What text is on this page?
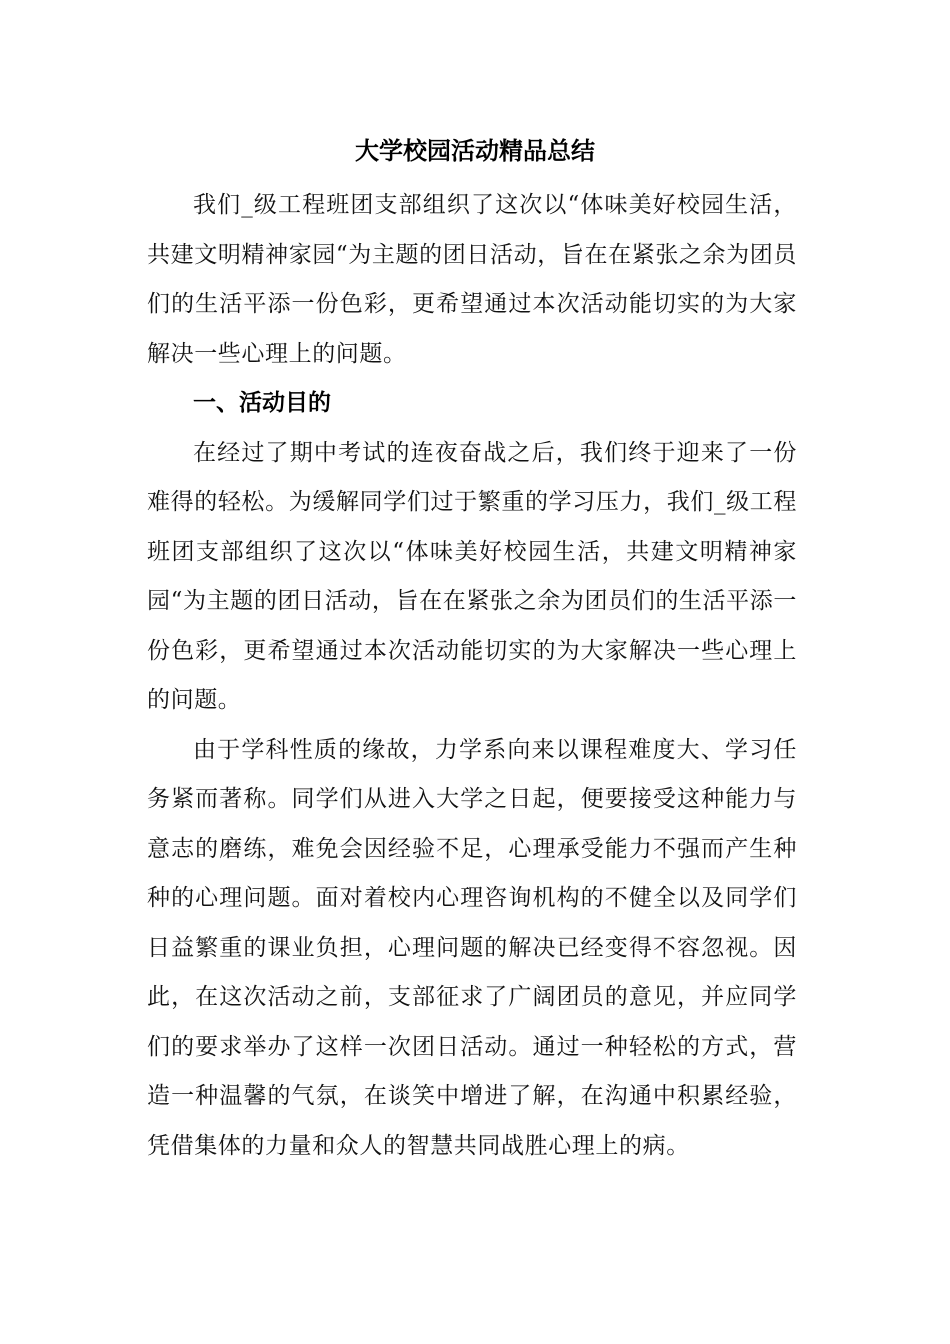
大学校园活动精品总结

我们_级工程班团支部组织了这次以“体味美好校园生活，共建文明精神家园“为主题的团日活动，旨在在紧张之余为团员们的生活平添一份色彩，更希望通过本次活动能切实的为大家解决一些心理上的问题。

一、活动目的

在经过了期中考试的连夜奋战之后，我们终于迎来了一份难得的轻松。为缓解同学们过于繁重的学习压力，我们_级工程班团支部组织了这次以“体味美好校园生活，共建文明精神家园“为主题的团日活动，旨在在紧张之余为团员们的生活平添一份色彩，更希望通过本次活动能切实的为大家解决一些心理上的问题。

由于学科性质的缘故，力学系向来以课程难度大、学习任务紧而著称。同学们从进入大学之日起，便要接受这种能力与意志的磨练，难免会因经验不足，心理承受能力不强而产生种种的心理问题。面对着校内心理咨询机构的不健全以及同学们日益繁重的课业负担，心理问题的解决已经变得不容忽视。因此，在这次活动之前，支部征求了广阔团员的意见，并应同学们的要求举办了这样一次团日活动。通过一种轻松的方式，营造一种温馨的气氛，在谈笑中增进了解，在沟通中积累经验，凭借集体的力量和众人的智慧共同战胜心理上的病。
